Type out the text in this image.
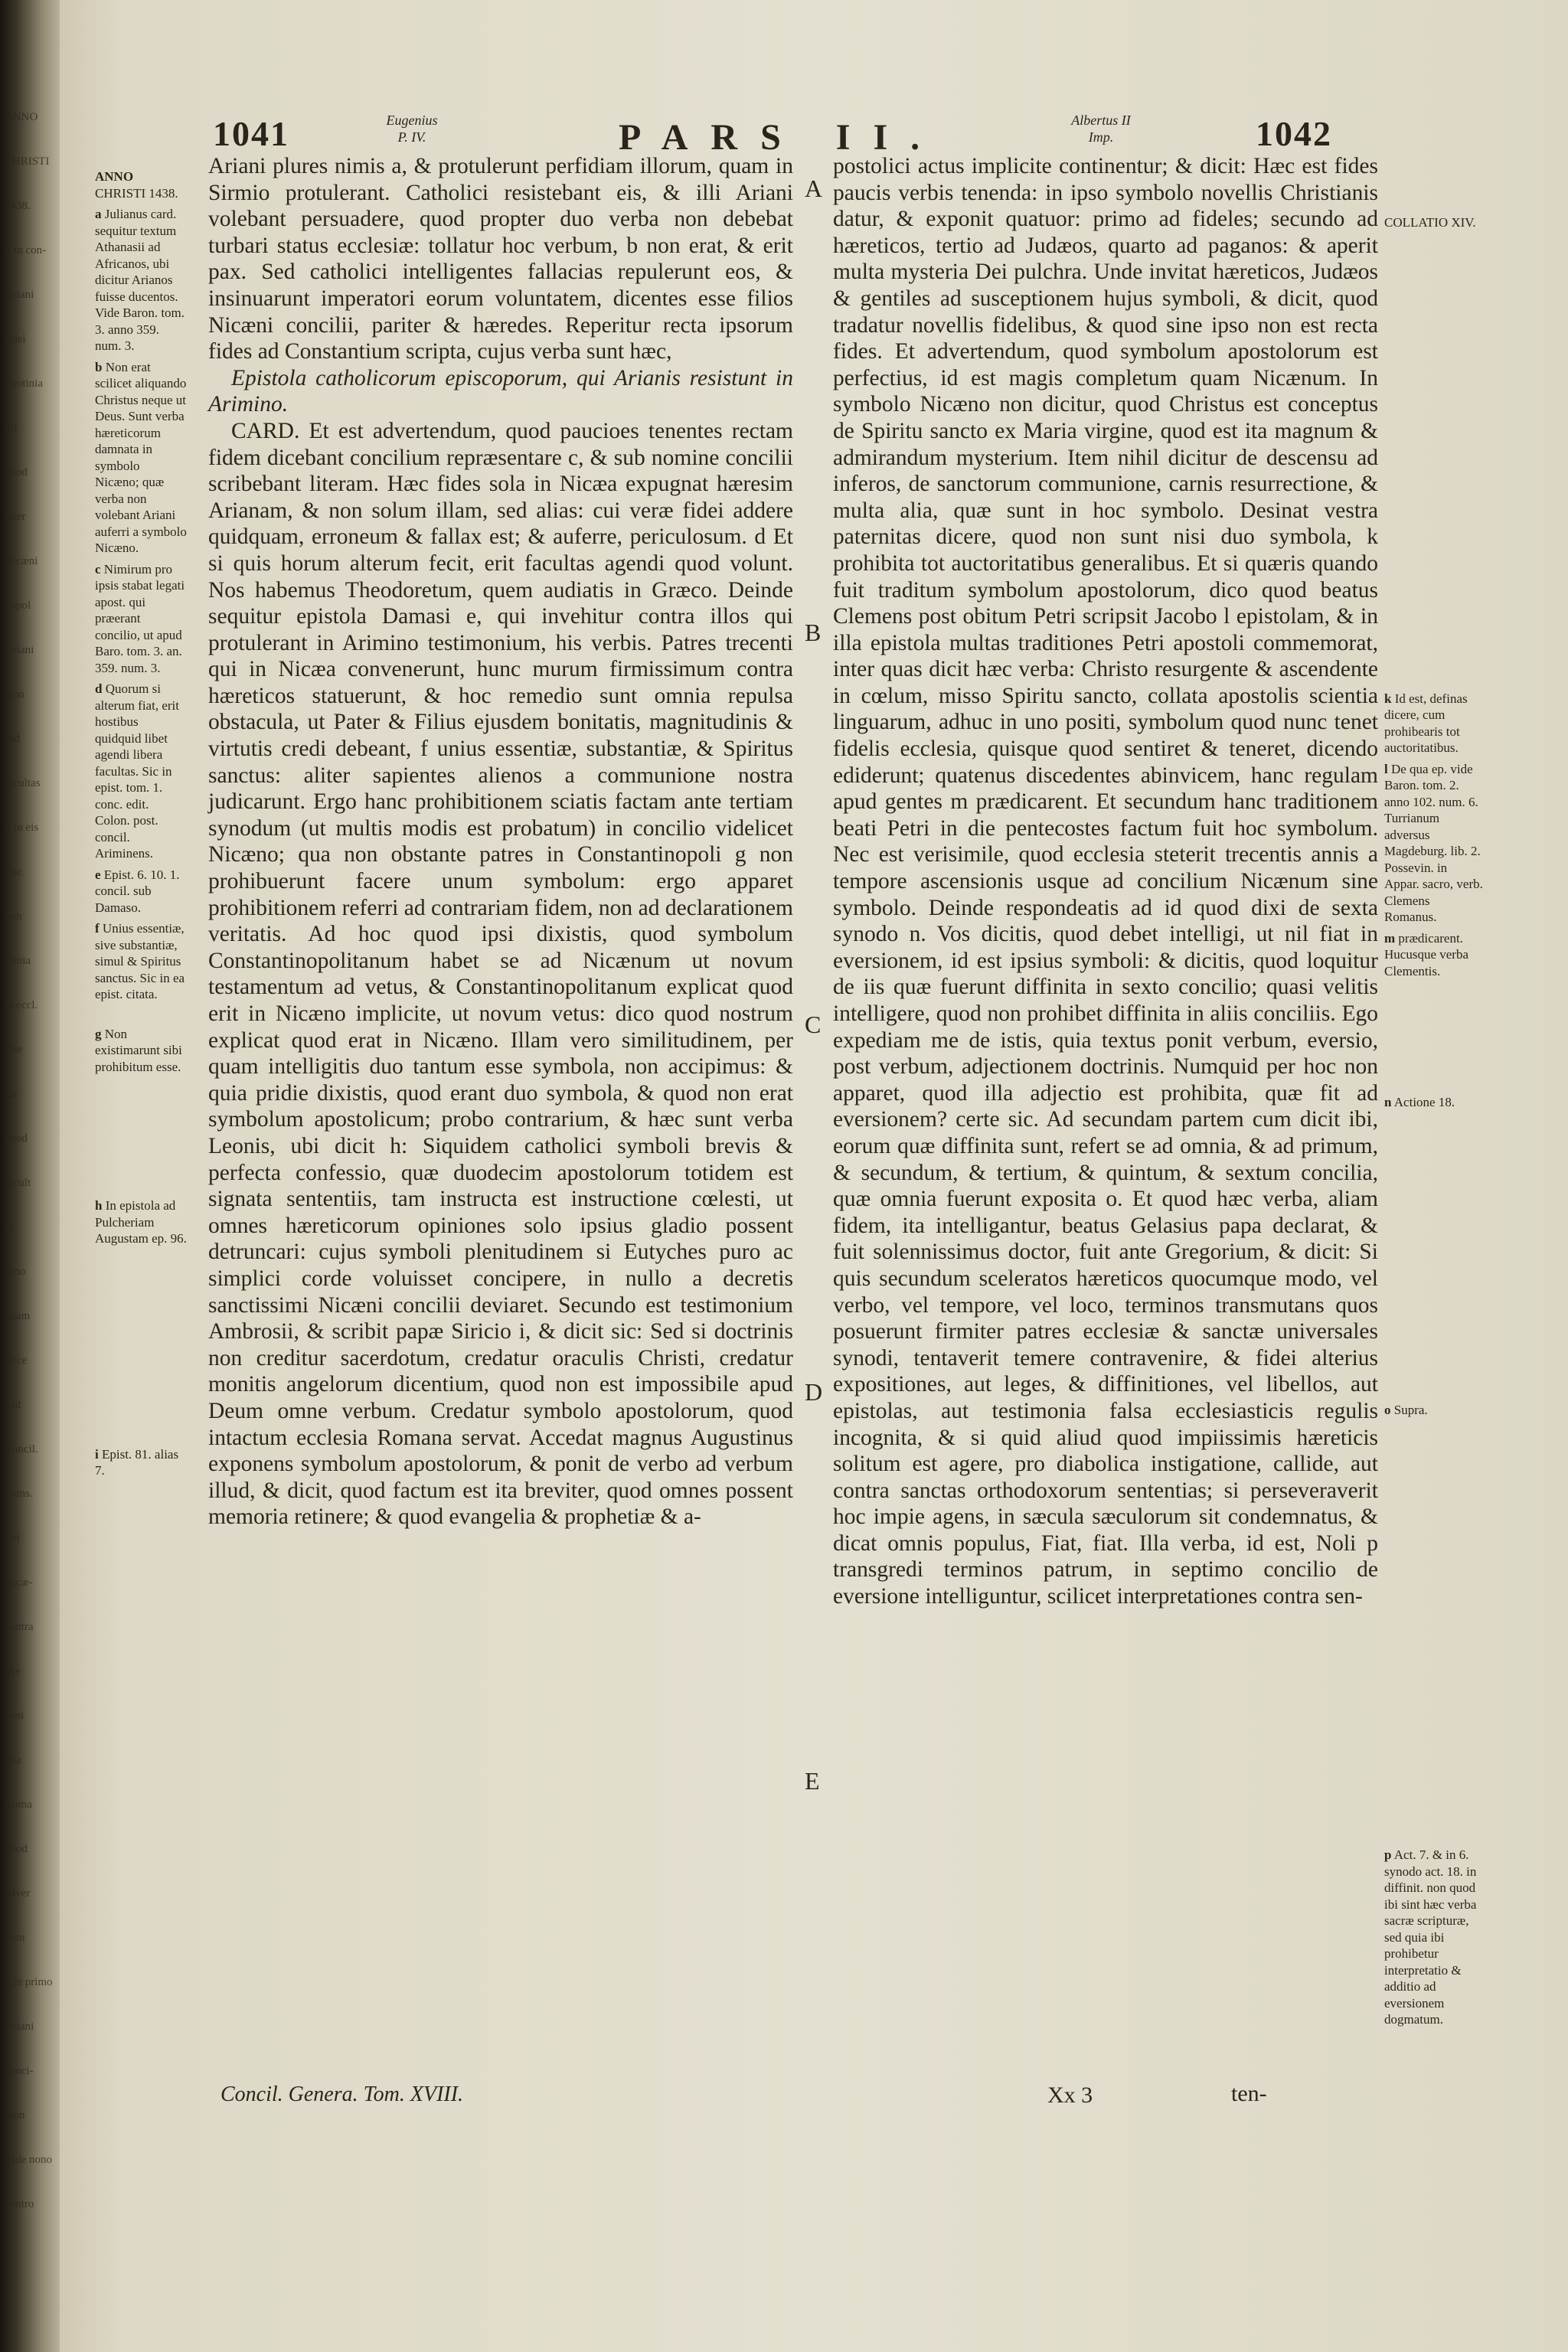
ANNO
CHRISTI
1438.
it in con-
Ariani
fidei
Photinia
illi
quod
inter
Nicæni
nopol
Ariani
Non
sed
facultas
h In eis
Luc
non
nimia
in eccl.
fine
tur
quod
facult
in
Ario
quam
Ecce
suit
Concil.
Toms.
Ari
Nicæ-
contra
exe
cani
qua
Roma
quod
adver
num
a In primo
Ariani
conci-
mon
Vide nono
contro
1041	Eugenius
P. IV.	PARS II.	Albertus II
Imp.	1042
ANNO CHRISTI 1438.
a Julianus card. sequitur textum Athanasii ad Africanos, ubi dicitur Arianos fuisse ducentos. Vide Baron. tom. 3. anno 359. num. 3.
b Non erat scilicet aliquando Christus neque ut Deus. Sunt verba hæreticorum damnata in symbolo Nicæno; quæ verba non volebant Ariani auferri a symbolo Nicæno.
c Nimirum pro ipsis stabat legati apost. qui præerant concilio, ut apud Baro. tom. 3. an. 359. num. 3.
d Quorum si alterum fiat, erit hostibus quidquid libet agendi libera facultas. Sic in epist. tom. 1. conc. edit. Colon. post. concil. Ariminens.
e Epist. 6. 10. 1. concil. sub Damaso.
f Unius essentiæ, sive substantiæ, simul & Spiritus sanctus. Sic in ea epist. citata.
g Non existimarunt sibi prohibitum esse.
h In epistola ad Pulcheriam Augustam ep. 96.
i Epist. 81. alias 7.

Ariani plures nimis a, & protulerunt perfidiam illorum, quam in Sirmio protulerant. Catholici resistebant eis, & illi Ariani volebant persuadere, quod propter duo verba non debebat turbari status ecclesiæ: tollatur hoc verbum, b non erat, & erit pax. Sed catholici intelligentes fallacias repulerunt eos, & insinuarunt imperatori eorum voluntatem, dicentes esse filios Nicæni concilii, pariter & hæredes. Reperitur recta ipsorum fides ad Constantium scripta, cujus verba sunt hæc,

Epistola catholicorum episcoporum, qui Arianis resistunt in Arimino.

CARD. Et est advertendum, quod paucioes tenentes rectam fidem dicebant concilium repræsentare c, & sub nomine concilii scribebant literam. Hæc fides sola in Nicæa expugnat hæresim Arianam, & non solum illam, sed alias: cui veræ fidei addere quidquam, erroneum & fallax est; & auferre, periculosum. d Et si quis horum alterum fecit, erit facultas agendi quod volunt. Nos habemus Theodoretum, quem audiatis in Græco. Deinde sequitur epistola Damasi e, qui invehitur contra illos qui protulerant in Arimino testimonium, his verbis. Patres trecenti qui in Nicæa convenerunt, hunc murum firmissimum contra hæreticos statuerunt, & hoc remedio sunt omnia repulsa obstacula, ut Pater & Filius ejusdem bonitatis, magnitudinis & virtutis credi debeant, f unius essentiæ, substantiæ, & Spiritus sanctus: aliter sapientes alienos a communione nostra judicarunt. Ergo hanc prohibitionem sciatis factam ante tertiam synodum (ut multis modis est probatum) in concilio videlicet Nicæno; qua non obstante patres in Constantinopoli g non prohibuerunt facere unum symbolum: ergo apparet prohibitionem referri ad contrariam fidem, non ad declarationem veritatis. Ad hoc quod ipsi dixistis, quod symbolum Constantinopolitanum habet se ad Nicænum ut novum testamentum ad vetus, & Constantinopolitanum explicat quod erit in Nicæno implicite, ut novum vetus: dico quod nostrum explicat quod erat in Nicæno. Illam vero similitudinem, per quam intelligitis duo tantum esse symbola, non accipimus: & quia pridie dixistis, quod erant duo symbola, & quod non erat symbolum apostolicum; probo contrarium, & hæc sunt verba Leonis, ubi dicit h: Siquidem catholici symboli brevis & perfecta confessio, quæ duodecim apostolorum totidem est signata sententiis, tam instructa est instructione cœlesti, ut omnes hæreticorum opiniones solo ipsius gladio possent detruncari: cujus symboli plenitudinem si Eutyches puro ac simplici corde voluisset concipere, in nullo a decretis sanctissimi Nicæni concilii deviaret. Secundo est testimonium Ambrosii, & scribit papæ Siricio i, & dicit sic: Sed si doctrinis non creditur sacerdotum, credatur oraculis Christi, credatur monitis angelorum dicentium, quod non est impossibile apud Deum omne verbum. Credatur symbolo apostolorum, quod intactum ecclesia Romana servat. Accedat magnus Augustinus exponens symbolum apostolorum, & ponit de verbo ad verbum illud, & dicit, quod factum est ita breviter, quod omnes possent memoria retinere; & quod evangelia & prophetiæ & a-

postolici actus implicite continentur; & dicit: Hæc est fides paucis verbis tenenda: in ipso symbolo novellis Christianis datur, & exponit quatuor: primo ad fideles; secundo ad hæreticos, tertio ad Judæos, quarto ad paganos: & aperit multa mysteria Dei pulchra. Unde invitat hæreticos, Judæos & gentiles ad susceptionem hujus symboli, & dicit, quod tradatur novellis fidelibus, & quod sine ipso non est recta fides. Et advertendum, quod symbolum apostolorum est perfectius, id est magis completum quam Nicænum. In symbolo Nicæno non dicitur, quod Christus est conceptus de Spiritu sancto ex Maria virgine, quod est ita magnum & admirandum mysterium. Item nihil dicitur de descensu ad inferos, de sanctorum communione, carnis resurrectione, & multa alia, quæ sunt in hoc symbolo. Desinat vestra paternitas dicere, quod non sunt nisi duo symbola, k prohibita tot auctoritatibus generalibus. Et si quæris quando fuit traditum symbolum apostolorum, dico quod beatus Clemens post obitum Petri scripsit Jacobo l epistolam, & in illa epistola multas traditiones Petri apostoli commemorat, inter quas dicit hæc verba: Christo resurgente & ascendente in cœlum, misso Spiritu sancto, collata apostolis scientia linguarum, adhuc in uno positi, symbolum quod nunc tenet fidelis ecclesia, quisque quod sentiret & teneret, dicendo ediderunt; quatenus discedentes abinvicem, hanc regulam apud gentes m prædicarent. Et secundum hanc traditionem beati Petri in die pentecostes factum fuit hoc symbolum. Nec est verisimile, quod ecclesia steterit trecentis annis a tempore ascensionis usque ad concilium Nicænum sine symbolo. Deinde respondeatis ad id quod dixi de sexta synodo n. Vos dicitis, quod debet intelligi, ut nil fiat in eversionem, id est ipsius symboli: & dicitis, quod loquitur de iis quæ fuerunt diffinita in sexto concilio; quasi velitis intelligere, quod non prohibet diffinita in aliis conciliis. Ego expediam me de istis, quia textus ponit verbum, eversio, post verbum, adjectionem doctrinis. Numquid per hoc non apparet, quod illa adjectio est prohibita, quæ fit ad eversionem? certe sic. Ad secundam partem cum dicit ibi, eorum quæ diffinita sunt, refert se ad omnia, & ad primum, & secundum, & tertium, & quintum, & sextum concilia, quæ omnia fuerunt exposita o. Et quod hæc verba, aliam fidem, ita intelligantur, beatus Gelasius papa declarat, & fuit solennissimus doctor, fuit ante Gregorium, & dicit: Si quis secundum sceleratos hæreticos quocumque modo, vel verbo, vel tempore, vel loco, terminos transmutans quos posuerunt firmiter patres ecclesiæ & sanctæ universales synodi, tentaverit temere contravenire, & fidei alterius expositiones, aut leges, & diffinitiones, vel libellos, aut epistolas, aut testimonia falsa ecclesiasticis regulis incognita, & si quid aliud quod impiissimis hæreticis solitum est agere, pro diabolica instigatione, callide, aut contra sanctas orthodoxorum sententias; si perseveraverit hoc impie agens, in sæcula sæculorum sit condemnatus, & dicat omnis populus, Fiat, fiat. Illa verba, id est, Noli p transgredi terminos patrum, in septimo concilio de eversione intelliguntur, scilicet interpretationes contra sen-

A
B
C
D
E
COLLATIO XIV.
k Id est, definas dicere, cum prohibearis tot auctoritatibus.
l De qua ep. vide Baron. tom. 2. anno 102. num. 6. Turrianum adversus Magdeburg. lib. 2. Possevin. in Appar. sacro, verb. Clemens Romanus.
m prædicarent. Hucusque verba Clementis.
n Actione 18.
o Supra.
p Act. 7. & in 6. synodo act. 18. in diffinit. non quod ibi sint hæc verba sacræ scripturæ, sed quia ibi prohibetur interpretatio & additio ad eversionem dogmatum.
Concil. Genera. Tom. XVIII.	Xx 3	ten-
